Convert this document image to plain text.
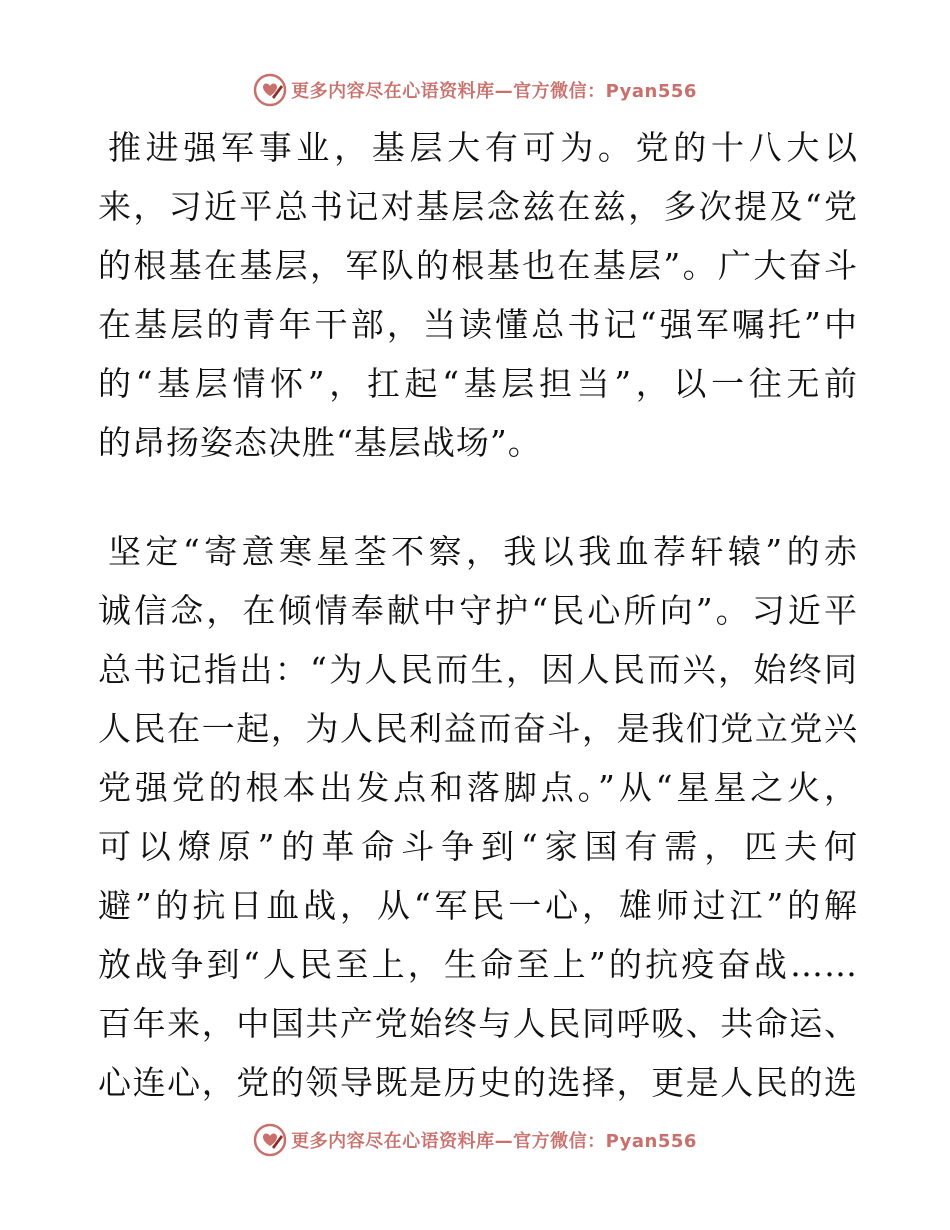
更多内容尽在心语资料库—官方微信：Pyan556
推进强军事业，基层大有可为。党的十八大以
来，习近平总书记对基层念兹在兹，多次提及“党
的根基在基层，军队的根基也在基层”。广大奋斗
在基层的青年干部，当读懂总书记“强军嘱托”中
的“基层情怀”，扛起“基层担当”，以一往无前
的昂扬姿态决胜“基层战场”。
坚定“寄意寒星荃不察，我以我血荐轩辕”的赤
诚信念，在倾情奉献中守护“民心所向”。习近平
总书记指出：“为人民而生，因人民而兴，始终同
人民在一起，为人民利益而奋斗，是我们党立党兴
党强党的根本出发点和落脚点。”从“星星之火，
可以燎原”的革命斗争到“家国有需，匹夫何
避”的抗日血战，从“军民一心，雄师过江”的解
放战争到“人民至上，生命至上”的抗疫奋战……
百年来，中国共产党始终与人民同呼吸、共命运、
心连心，党的领导既是历史的选择，更是人民的选
更多内容尽在心语资料库—官方微信：Pyan556
